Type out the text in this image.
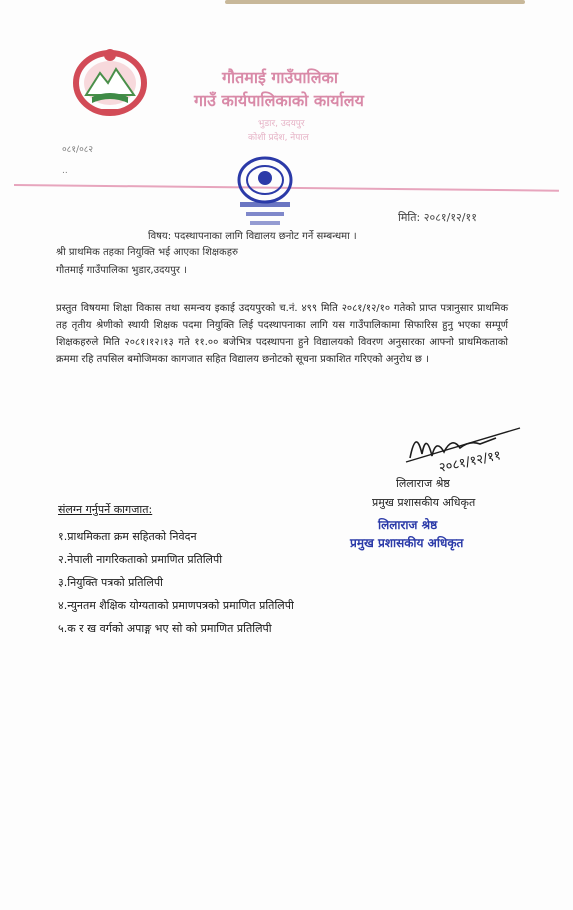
गौतमाई गाउँपालिका
गाउँ कार्यपालिकाको कार्यालय
भुडार, उदयपुर
कोशी प्रदेश, नेपाल
०८१/०८२
..
मिति: २०८१/१२/११
विषय: पदस्थापनाका लागि विद्यालय छनोट गर्ने सम्बन्धमा ।
श्री प्राथमिक तहका नियुक्ति भई आएका शिक्षकहरु
गौतमाई गाउँपालिका भुडार,उदयपुर ।
प्रस्तुत विषयमा शिक्षा विकास तथा समन्वय इकाई उदयपुरको च.नं. ४९९ मिति २०८१/१२/१० गतेको प्राप्त पत्रानुसार प्राथमिक तह तृतीय श्रेणीको स्थायी शिक्षक पदमा नियुक्ति लिई पदस्थापनाका लागि यस गाउँपालिकामा सिफारिस हुनु भएका सम्पूर्ण शिक्षकहरुले मिति २०८१।१२।१३ गते ११.०० बजेभित्र पदस्थापना हुने विद्यालयको विवरण अनुसारका आफ्नो प्राथमिकताको क्रममा रहि तपसिल बमोजिमका कागजात सहित विद्यालय छनोटको सूचना प्रकाशित गरिएको अनुरोध छ ।
२०८१/१२/११
लिलाराज श्रेष्ठ
प्रमुख प्रशासकीय अधिकृत
लिलाराज श्रेष्ठ
प्रमुख प्रशासकीय अधिकृत
संलग्न गर्नुपर्ने कागजात:
१.प्राथमिकता क्रम सहितको निवेदन
२.नेपाली नागरिकताको प्रमाणित प्रतिलिपी
३.नियुक्ति पत्रको प्रतिलिपी
४.न्युनतम शैक्षिक योग्यताको प्रमाणपत्रको प्रमाणित प्रतिलिपी
५.क र ख वर्गको अपाङ्ग भए सो को प्रमाणित प्रतिलिपी
